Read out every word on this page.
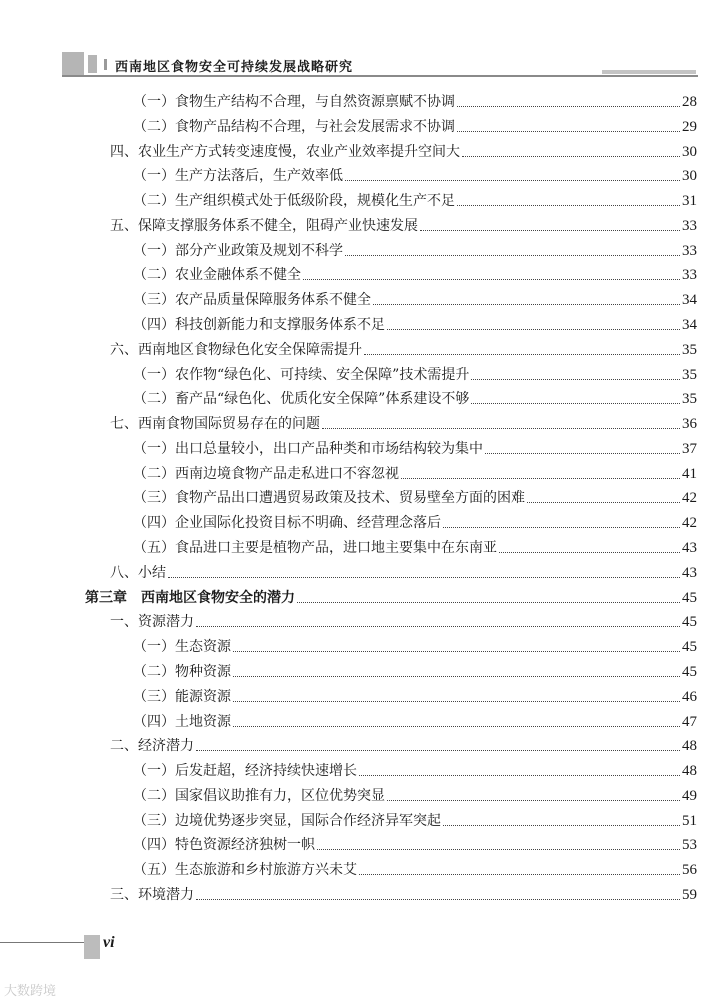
西南地区食物安全可持续发展战略研究
（一）食物生产结构不合理，与自然资源禀赋不协调	28
（二）食物产品结构不合理，与社会发展需求不协调	29
四、农业生产方式转变速度慢，农业产业效率提升空间大	30
（一）生产方法落后，生产效率低	30
（二）生产组织模式处于低级阶段，规模化生产不足	31
五、保障支撑服务体系不健全，阻碍产业快速发展	33
（一）部分产业政策及规划不科学	33
（二）农业金融体系不健全	33
（三）农产品质量保障服务体系不健全	34
（四）科技创新能力和支撑服务体系不足	34
六、西南地区食物绿色化安全保障需提升	35
（一）农作物“绿色化、可持续、安全保障”技术需提升	35
（二）畜产品“绿色化、优质化安全保障”体系建设不够	35
七、西南食物国际贸易存在的问题	36
（一）出口总量较小，出口产品种类和市场结构较为集中	37
（二）西南边境食物产品走私进口不容忽视	41
（三）食物产品出口遭遇贸易政策及技术、贸易壁垒方面的困难	42
（四）企业国际化投资目标不明确、经营理念落后	42
（五）食品进口主要是植物产品，进口地主要集中在东南亚	43
八、小结	43
第三章　西南地区食物安全的潜力	45
一、资源潜力	45
（一）生态资源	45
（二）物种资源	45
（三）能源资源	46
（四）土地资源	47
二、经济潜力	48
（一）后发赶超，经济持续快速增长	48
（二）国家倡议助推有力，区位优势突显	49
（三）边境优势逐步突显，国际合作经济异军突起	51
（四）特色资源经济独树一帜	53
（五）生态旅游和乡村旅游方兴未艾	56
三、环境潜力	59
vi
大数跨境
